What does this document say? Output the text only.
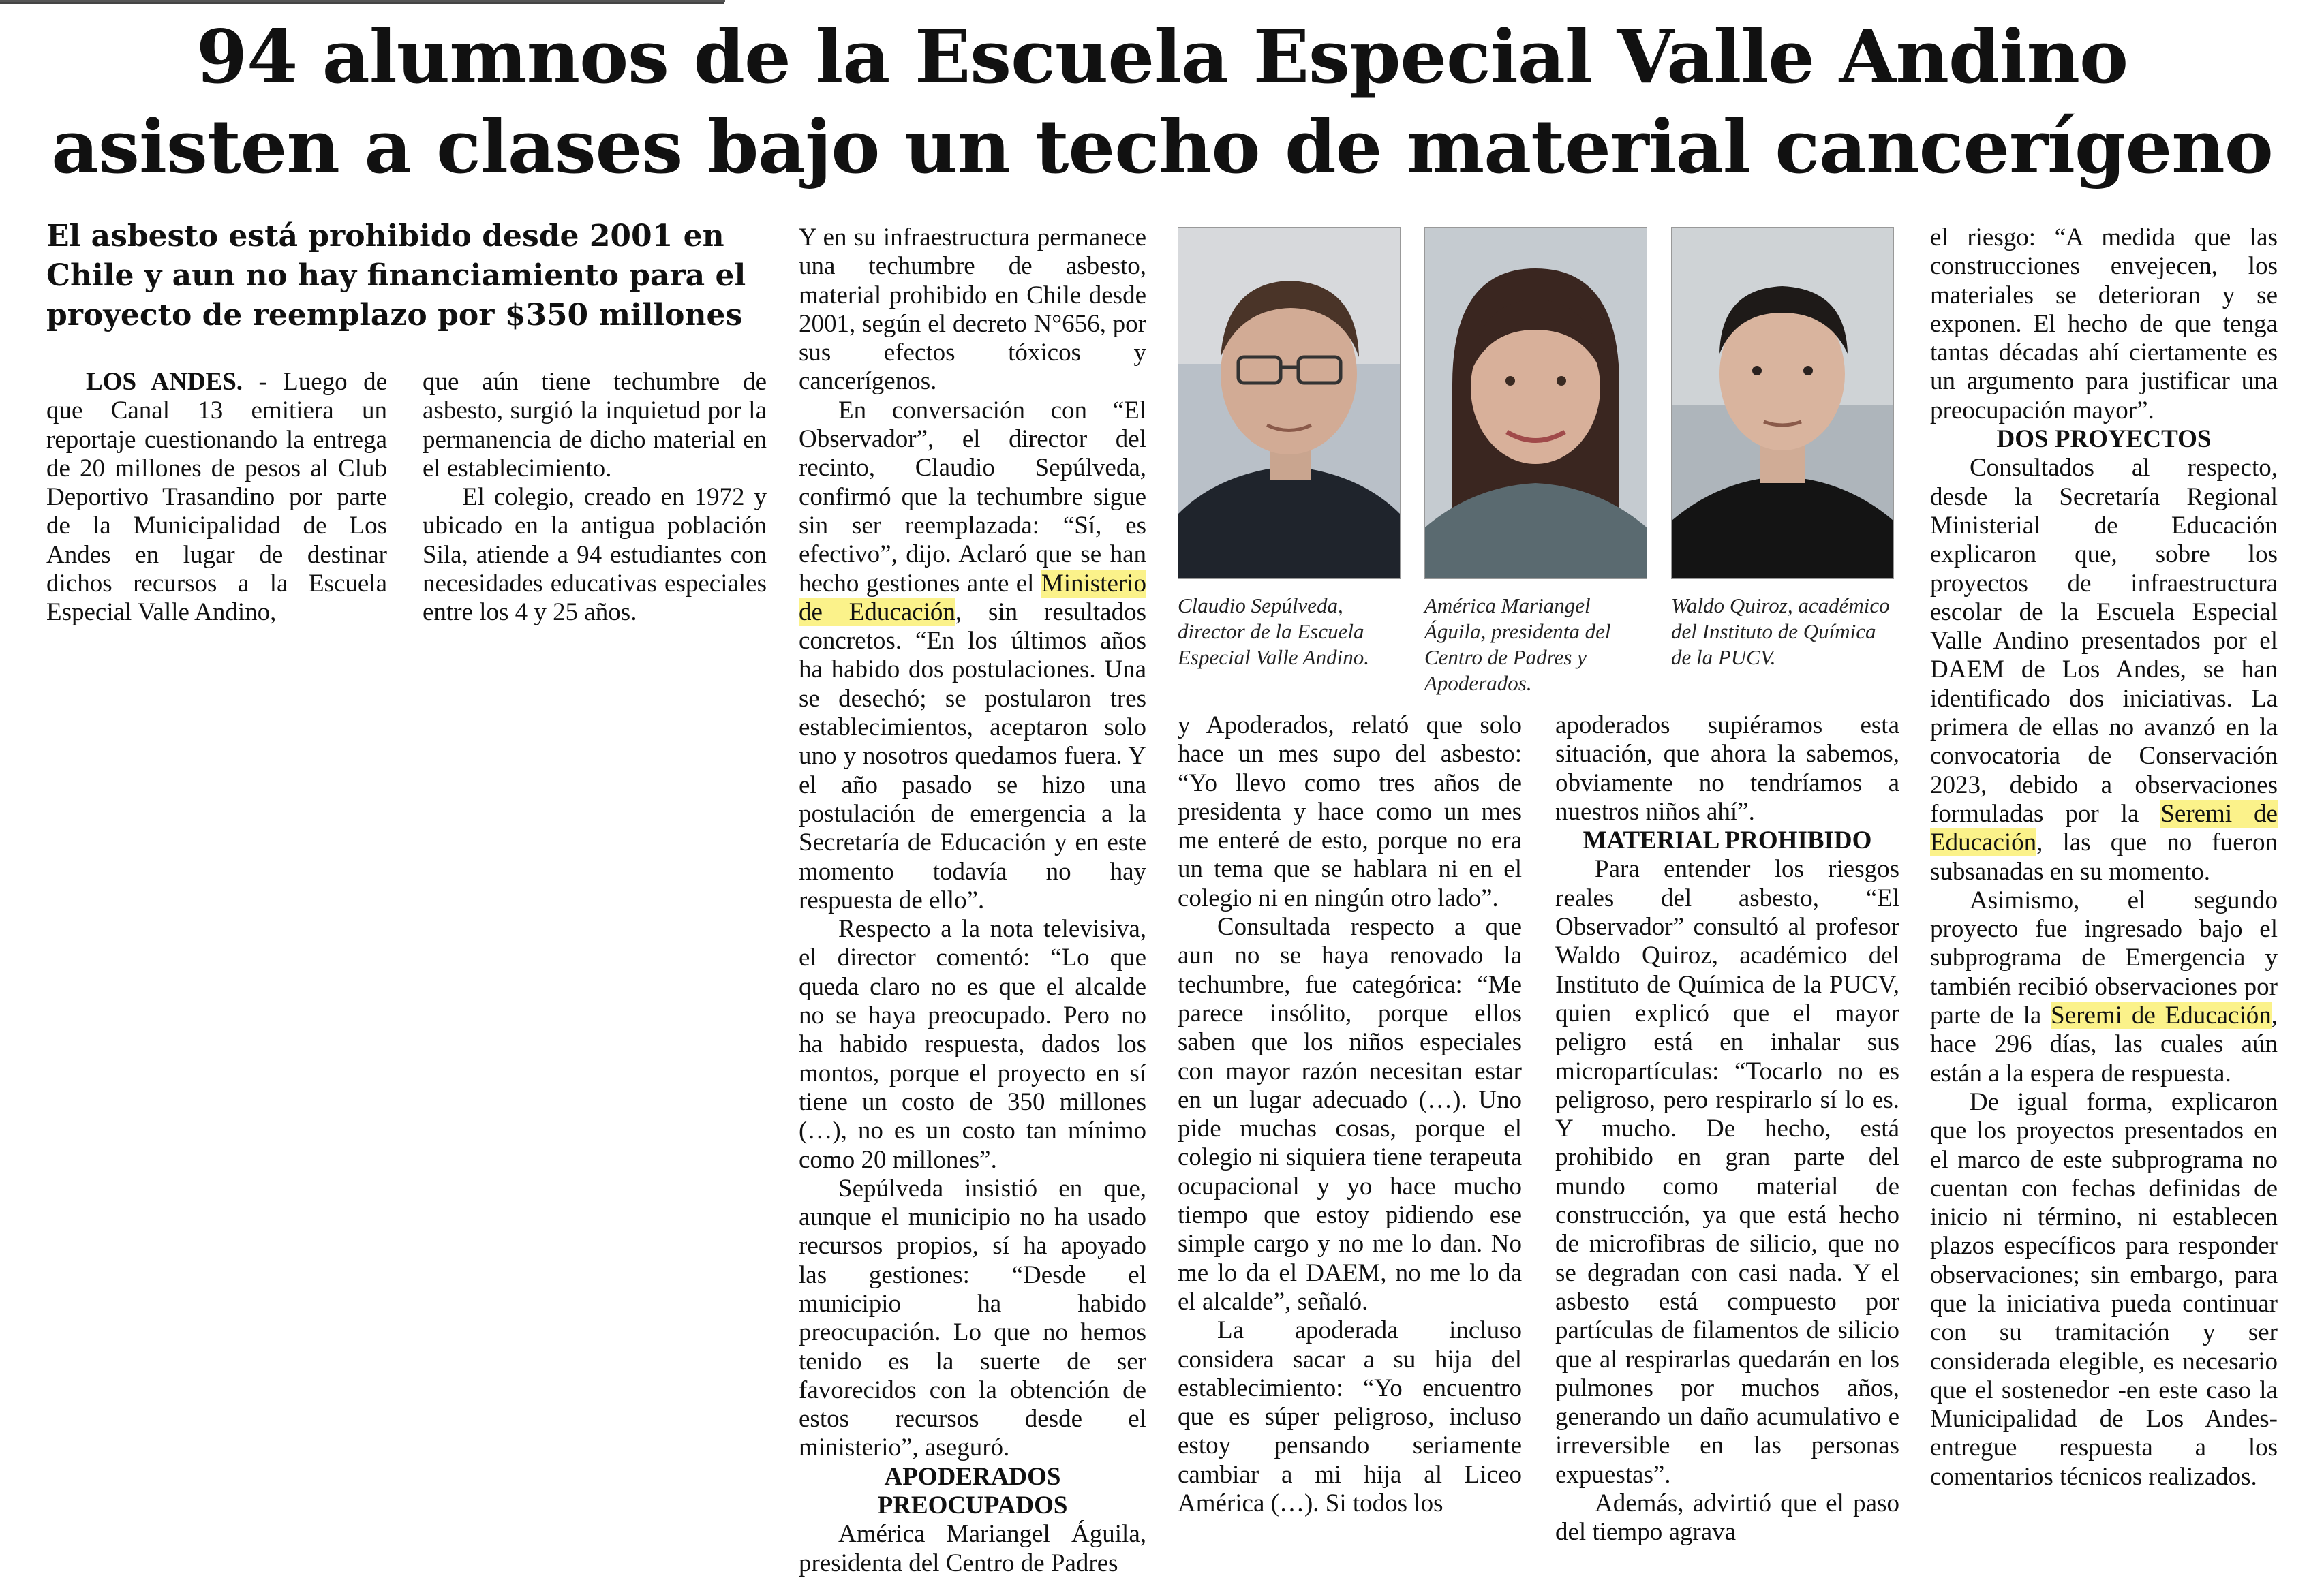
94 alumnos de la Escuela Especial Valle Andino
asisten a clases bajo un techo de material cancerígeno
El asbesto está prohibido desde 2001 en Chile y aun no hay financiamiento para el proyecto de reemplazo por $350 millones

LOS ANDES. - Luego de que Canal 13 emitiera un reportaje cuestionando la entrega de 20 millones de pesos al Club Deportivo Trasandino por parte de la Municipalidad de Los Andes en lugar de destinar dichos recursos a la Escuela Especial Valle Andino,

que aún tiene techumbre de asbesto, surgió la inquietud por la permanencia de dicho material en el establecimiento.

El colegio, creado en 1972 y ubicado en la antigua población Sila, atiende a 94 estudiantes con necesidades educativas especiales entre los 4 y 25 años.

Y en su infraestructura permanece una techumbre de asbesto, material prohibido en Chile desde 2001, según el decreto N°656, por sus efectos tóxicos y cancerígenos.

En conversación con “El Observador”, el director del recinto, Claudio Sepúlveda, confirmó que la techumbre sigue sin ser reemplazada: “Sí, es efectivo”, dijo. Aclaró que se han hecho gestiones ante el Ministerio de Educación, sin resultados concretos. “En los últimos años ha habido dos postulaciones. Una se desechó; se postularon tres establecimientos, aceptaron solo uno y nosotros quedamos fuera. Y el año pasado se hizo una postulación de emergencia a la Secretaría de Educación y en este momento todavía no hay respuesta de ello”.

Respecto a la nota televisiva, el director comentó: “Lo que queda claro no es que el alcalde no se haya preocupado. Pero no ha habido respuesta, dados los montos, porque el proyecto en sí tiene un costo de 350 millones (…), no es un costo tan mínimo como 20 millones”.

Sepúlveda insistió en que, aunque el municipio no ha usado recursos propios, sí ha apoyado las gestiones: “Desde el municipio ha habido preocupación. Lo que no hemos tenido es la suerte de ser favorecidos con la obtención de estos recursos desde el ministerio”, aseguró.

APODERADOS PREOCUPADOS

América Mariangel Águila, presidenta del Centro de Padres

Claudio Sepúlveda, director de la Escuela Especial Valle Andino.
América Mariangel Águila, presidenta del Centro de Padres y Apoderados.
Waldo Quiroz, académico del Instituto de Química de la PUCV.

y Apoderados, relató que solo hace un mes supo del asbesto: “Yo llevo como tres años de presidenta y hace como un mes me enteré de esto, porque no era un tema que se hablara ni en el colegio ni en ningún otro lado”.

Consultada respecto a que aun no se haya renovado la techumbre, fue categórica: “Me parece insólito, porque ellos saben que los niños especiales con mayor razón necesitan estar en un lugar adecuado (…). Uno pide muchas cosas, porque el colegio ni siquiera tiene terapeuta ocupacional y yo hace mucho tiempo que estoy pidiendo ese simple cargo y no me lo dan. No me lo da el DAEM, no me lo da el alcalde”, señaló.

La apoderada incluso considera sacar a su hija del establecimiento: “Yo encuentro que es súper peligroso, incluso estoy pensando seriamente cambiar a mi hija al Liceo América (…). Si todos los

apoderados supiéramos esta situación, que ahora la sabemos, obviamente no tendríamos a nuestros niños ahí”.

MATERIAL PROHIBIDO

Para entender los riesgos reales del asbesto, “El Observador” consultó al profesor Waldo Quiroz, académico del Instituto de Química de la PUCV, quien explicó que el mayor peligro está en inhalar sus micropartículas: “Tocarlo no es peligroso, pero respirarlo sí lo es. Y mucho. De hecho, está prohibido en gran parte del mundo como material de construcción, ya que está hecho de microfibras de silicio, que no se degradan con casi nada. Y el asbesto está compuesto por partículas de filamentos de silicio que al respirarlas quedarán en los pulmones por muchos años, generando un daño acumulativo e irreversible en las personas expuestas”.

Además, advirtió que el paso del tiempo agrava

el riesgo: “A medida que las construcciones envejecen, los materiales se deterioran y se exponen. El hecho de que tenga tantas décadas ahí ciertamente es un argumento para justificar una preocupación mayor”.

DOS PROYECTOS

Consultados al respecto, desde la Secretaría Regional Ministerial de Educación explicaron que, sobre los proyectos de infraestructura escolar de la Escuela Especial Valle Andino presentados por el DAEM de Los Andes, se han identificado dos iniciativas. La primera de ellas no avanzó en la convocatoria de Conservación 2023, debido a observaciones formuladas por la Seremi de Educación, las que no fueron subsanadas en su momento.

Asimismo, el segundo proyecto fue ingresado bajo el subprograma de Emergencia y también recibió observaciones por parte de la Seremi de Educación, hace 296 días, las cuales aún están a la espera de respuesta.

De igual forma, explicaron que los proyectos presentados en el marco de este subprograma no cuentan con fechas definidas de inicio ni término, ni establecen plazos específicos para responder observaciones; sin embargo, para que la iniciativa pueda continuar con su tramitación y ser considerada elegible, es necesario que el sostenedor -en este caso la Municipalidad de Los Andes- entregue respuesta a los comentarios técnicos realizados.
